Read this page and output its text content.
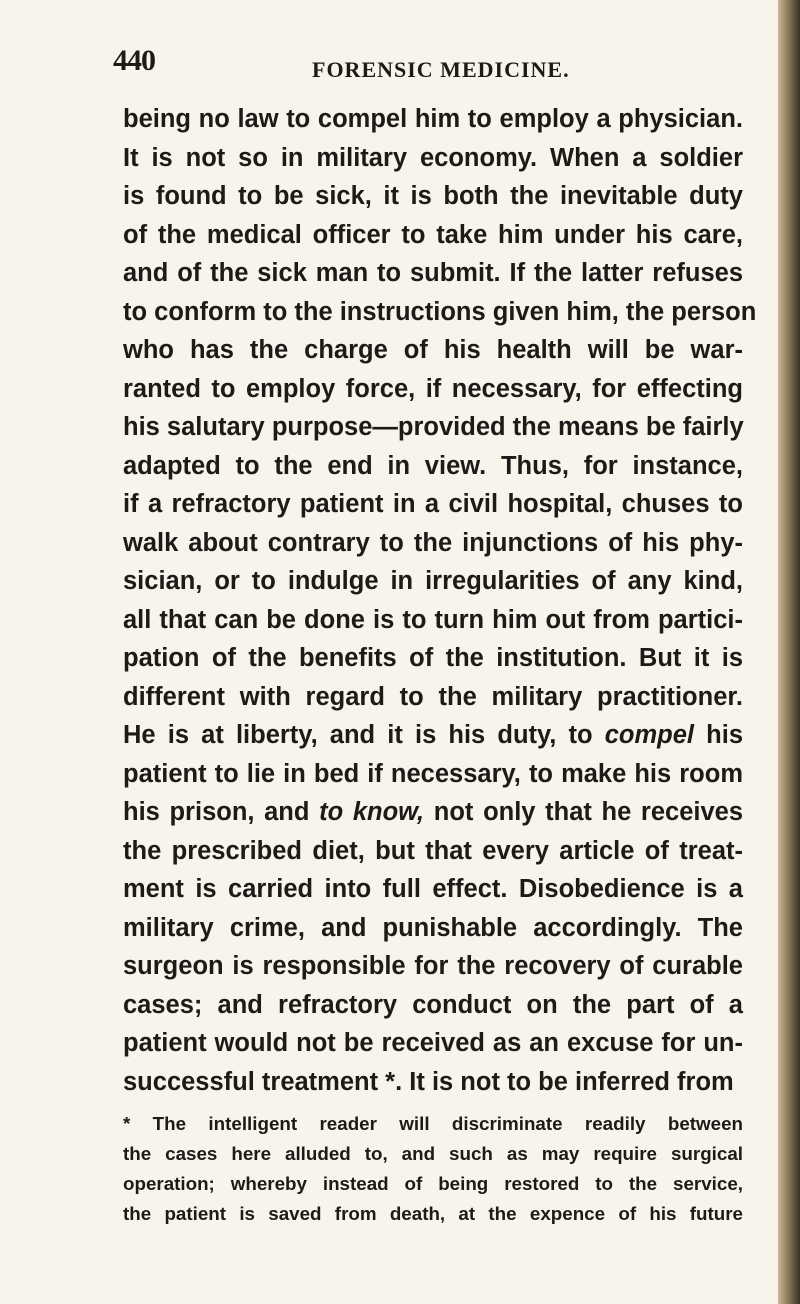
440	FORENSIC MEDICINE.
being no law to compel him to employ a physician.
It is not so in military economy. When a soldier
is found to be sick, it is both the inevitable duty
of the medical officer to take him under his care,
and of the sick man to submit. If the latter refuses
to conform to the instructions given him, the person
who has the charge of his health will be war-
ranted to employ force, if necessary, for effecting
his salutary purpose—provided the means be fairly
adapted to the end in view. Thus, for instance,
if a refractory patient in a civil hospital, chuses to
walk about contrary to the injunctions of his phy-
sician, or to indulge in irregularities of any kind,
all that can be done is to turn him out from partici-
pation of the benefits of the institution. But it is
different with regard to the military practitioner.
He is at liberty, and it is his duty, to compel his
patient to lie in bed if necessary, to make his room
his prison, and to know, not only that he receives
the prescribed diet, but that every article of treat-
ment is carried into full effect. Disobedience is a
military crime, and punishable accordingly. The
surgeon is responsible for the recovery of curable
cases; and refractory conduct on the part of a
patient would not be received as an excuse for un-
successful treatment *. It is not to be inferred from
* The intelligent reader will discriminate readily between
the cases here alluded to, and such as may require surgical
operation; whereby instead of being restored to the service,
the patient is saved from death, at the expence of his future
